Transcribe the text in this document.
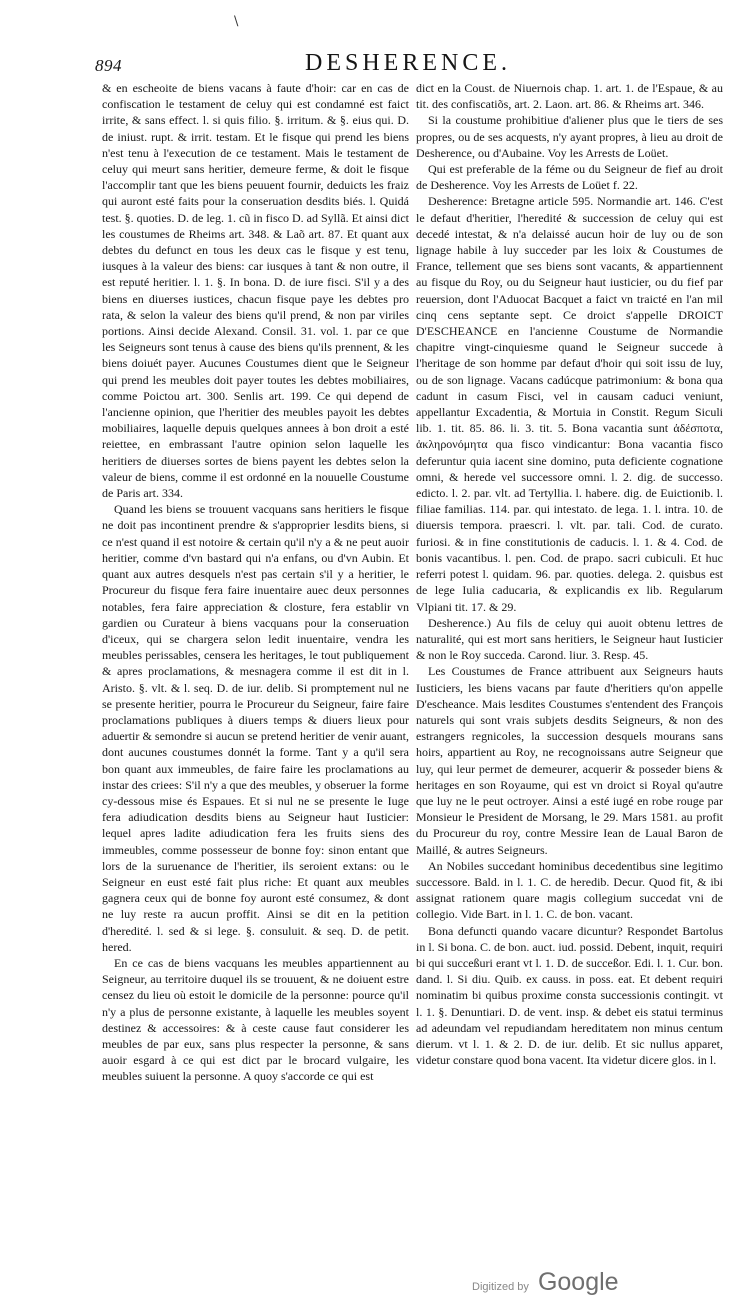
\
894	DESHERENCE.

& en escheoite de biens vacans à faute d'hoir: car en cas de confiscation le testament de celuy qui est condamné est faict irrite, & sans effect. l. si quis filio. §. irritum. & §. eius qui. D. de iniust. rupt. & irrit. testam. Et le fisque qui prend les biens n'est tenu à l'execution de ce testament. Mais le testament de celuy qui meurt sans heritier, demeure ferme, & doit le fisque l'accomplir tant que les biens peuuent fournir, deduicts les fraiz qui auront esté faits pour la conseruation desdits biés. l. Quidá test. §. quoties. D. de leg. 1. cũ in fisco D. ad Syllã. Et ainsi dict les coustumes de Rheims art. 348. & Laõ art. 87. Et quant aux debtes du defunct en tous les deux cas le fisque y est tenu, iusques à la valeur des biens: car iusques à tant & non outre, il est reputé heritier. l. 1. §. In bona. D. de iure fisci. S'il y a des biens en diuerses iustices, chacun fisque paye les debtes pro rata, & selon la valeur des biens qu'il prend, & non par viriles portions. Ainsi decide Alexand. Consil. 31. vol. 1. par ce que les Seigneurs sont tenus à cause des biens qu'ils prennent, & les biens doiuét payer. Aucunes Coustumes dient que le Seigneur qui prend les meubles doit payer toutes les debtes mobiliaires, comme Poictou art. 300. Senlis art. 199. Ce qui depend de l'ancienne opinion, que l'heritier des meubles payoit les debtes mobiliaires, laquelle depuis quelques annees à bon droit a esté reiettee, en embrassant l'autre opinion selon laquelle les heritiers de diuerses sortes de biens payent les debtes selon la valeur de biens, comme il est ordonné en la nouuelle Coustume de Paris art. 334.

Quand les biens se trouuent vacquans sans heritiers le fisque ne doit pas incontinent prendre & s'approprier lesdits biens, si ce n'est quand il est notoire & certain qu'il n'y a & ne peut auoir heritier, comme d'vn bastard qui n'a enfans, ou d'vn Aubin. Et quant aux autres desquels n'est pas certain s'il y a heritier, le Procureur du fisque fera faire inuentaire auec deux personnes notables, fera faire appreciation & closture, fera establir vn gardien ou Curateur à biens vacquans pour la conseruation d'iceux, qui se chargera selon ledit inuentaire, vendra les meubles perissables, censera les heritages, le tout publiquement & apres proclamations, & mesnagera comme il est dit in l. Aristo. §. vlt. & l. seq. D. de iur. delib. Si promptement nul ne se presente heritier, pourra le Procureur du Seigneur, faire faire proclamations publiques à diuers temps & diuers lieux pour aduertir & semondre si aucun se pretend heritier de venir auant, dont aucunes coustumes donnét la forme. Tant y a qu'il sera bon quant aux immeubles, de faire faire les proclamations au instar des criees: S'il n'y a que des meubles, y obseruer la forme cy-dessous mise és Espaues. Et si nul ne se presente le Iuge fera adiudication desdits biens au Seigneur haut Iusticier: lequel apres ladite adiudication fera les fruits siens des immeubles, comme possesseur de bonne foy: sinon entant que lors de la suruenance de l'heritier, ils seroient extans: ou le Seigneur en eust esté fait plus riche: Et quant aux meubles gagnera ceux qui de bonne foy auront esté consumez, & dont ne luy reste ra aucun proffit. Ainsi se dit en la petition d'heredité. l. sed & si lege. §. consuluit. & seq. D. de petit. hered.

En ce cas de biens vacquans les meubles appartiennent au Seigneur, au territoire duquel ils se trouuent, & ne doiuent estre censez du lieu où estoit le domicile de la personne: pource qu'il n'y a plus de personne existante, à laquelle les meubles soyent destinez & accessoires: & à ceste cause faut considerer les meubles de par eux, sans plus respecter la personne, & sans auoir esgard à ce qui est dict par le brocard vulgaire, les meubles suiuent la personne. A quoy s'accorde ce qui est

dict en la Coust. de Niuernois chap. 1. art. 1. de l'Espaue, & au tit. des confiscatiõs, art. 2. Laon. art. 86. & Rheims art. 346.

Si la coustume prohibitiue d'aliener plus que le tiers de ses propres, ou de ses acquests, n'y ayant propres, à lieu au droit de Desherence, ou d'Aubaine. Voy les Arrests de Loüet.

Qui est preferable de la féme ou du Seigneur de fief au droit de Desherence. Voy les Arrests de Loüet f. 22.

Desherence: Bretagne article 595. Normandie art. 146. C'est le defaut d'heritier, l'heredité & succession de celuy qui est decedé intestat, & n'a delaissé aucun hoir de luy ou de son lignage habile à luy succeder par les loix & Coustumes de France, tellement que ses biens sont vacants, & appartiennent au fisque du Roy, ou du Seigneur haut iusticier, ou du fief par reuersion, dont l'Aduocat Bacquet a faict vn traicté en l'an mil cinq cens septante sept. Ce droict s'appelle DROICT D'ESCHEANCE en l'ancienne Coustume de Normandie chapitre vingt-cinquiesme quand le Seigneur succede à l'heritage de son homme par defaut d'hoir qui soit issu de luy, ou de son lignage. Vacans cadúcque patrimonium: & bona qua cadunt in casum Fisci, vel in causam caduci veniunt, appellantur Excadentia, & Mortuia in Constit. Regum Siculi lib. 1. tit. 85. 86. li. 3. tit. 5. Bona vacantia sunt ἀδέσποτα, ἀκληρονόμητα qua fisco vindicantur: Bona vacantia fisco deferuntur quia iacent sine domino, puta deficiente cognatione omni, & herede vel successore omni. l. 2. dig. de successo. edicto. l. 2. par. vlt. ad Tertyllia. l. habere. dig. de Euictionib. l. filiae familias. 114. par. qui intestato. de lega. 1. l. intra. 10. de diuersis tempora. praescri. l. vlt. par. tali. Cod. de curato. furiosi. & in fine constitutionis de caducis. l. 1. & 4. Cod. de bonis vacantibus. l. pen. Cod. de prapo. sacri cubiculi. Et huc referri potest l. quidam. 96. par. quoties. delega. 2. quisbus est de lege Iulia caducaria, & explicandis ex lib. Regularum Vlpiani tit. 17. & 29.

Desherence.) Au fils de celuy qui auoit obtenu lettres de naturalité, qui est mort sans heritiers, le Seigneur haut Iusticier & non le Roy succeda. Carond. liur. 3. Resp. 45.

Les Coustumes de France attribuent aux Seigneurs hauts Iusticiers, les biens vacans par faute d'heritiers qu'on appelle D'escheance. Mais lesdites Coustumes s'entendent des François naturels qui sont vrais subjets desdits Seigneurs, & non des estrangers regnicoles, la succession desquels mourans sans hoirs, appartient au Roy, ne recognoissans autre Seigneur que luy, qui leur permet de demeurer, acquerir & posseder biens & heritages en son Royaume, qui est vn droict si Royal qu'autre que luy ne le peut octroyer. Ainsi a esté iugé en robe rouge par Monsieur le President de Morsang, le 29. Mars 1581. au profit du Procureur du roy, contre Messire Iean de Laual Baron de Maillé, & autres Seigneurs.

An Nobiles succedant hominibus decedentibus sine legitimo successore. Bald. in l. 1. C. de heredib. Decur. Quod fit, & ibi assignat rationem quare magis collegium succedat vni de collegio. Vide Bart. in l. 1. C. de bon. vacant.

Bona defuncti quando vacare dicuntur? Respondet Bartolus in l. Si bona. C. de bon. auct. iud. possid. Debent, inquit, requiri bi qui succeßuri erant vt l. 1. D. de succeßor. Edi. l. 1. Cur. bon. dand. l. Si diu. Quib. ex causs. in poss. eat. Et debent requiri nominatim bi quibus proxime consta successionis contingit. vt l. 1. §. Denuntiari. D. de vent. insp. & debet eis statui terminus ad adeundam vel repudiandam hereditatem non minus centum dierum. vt l. 1. & 2. D. de iur. delib. Et sic nullus apparet, videtur constare quod bona vacent. Ita videtur dicere glos. in l.

Digitized by Google
